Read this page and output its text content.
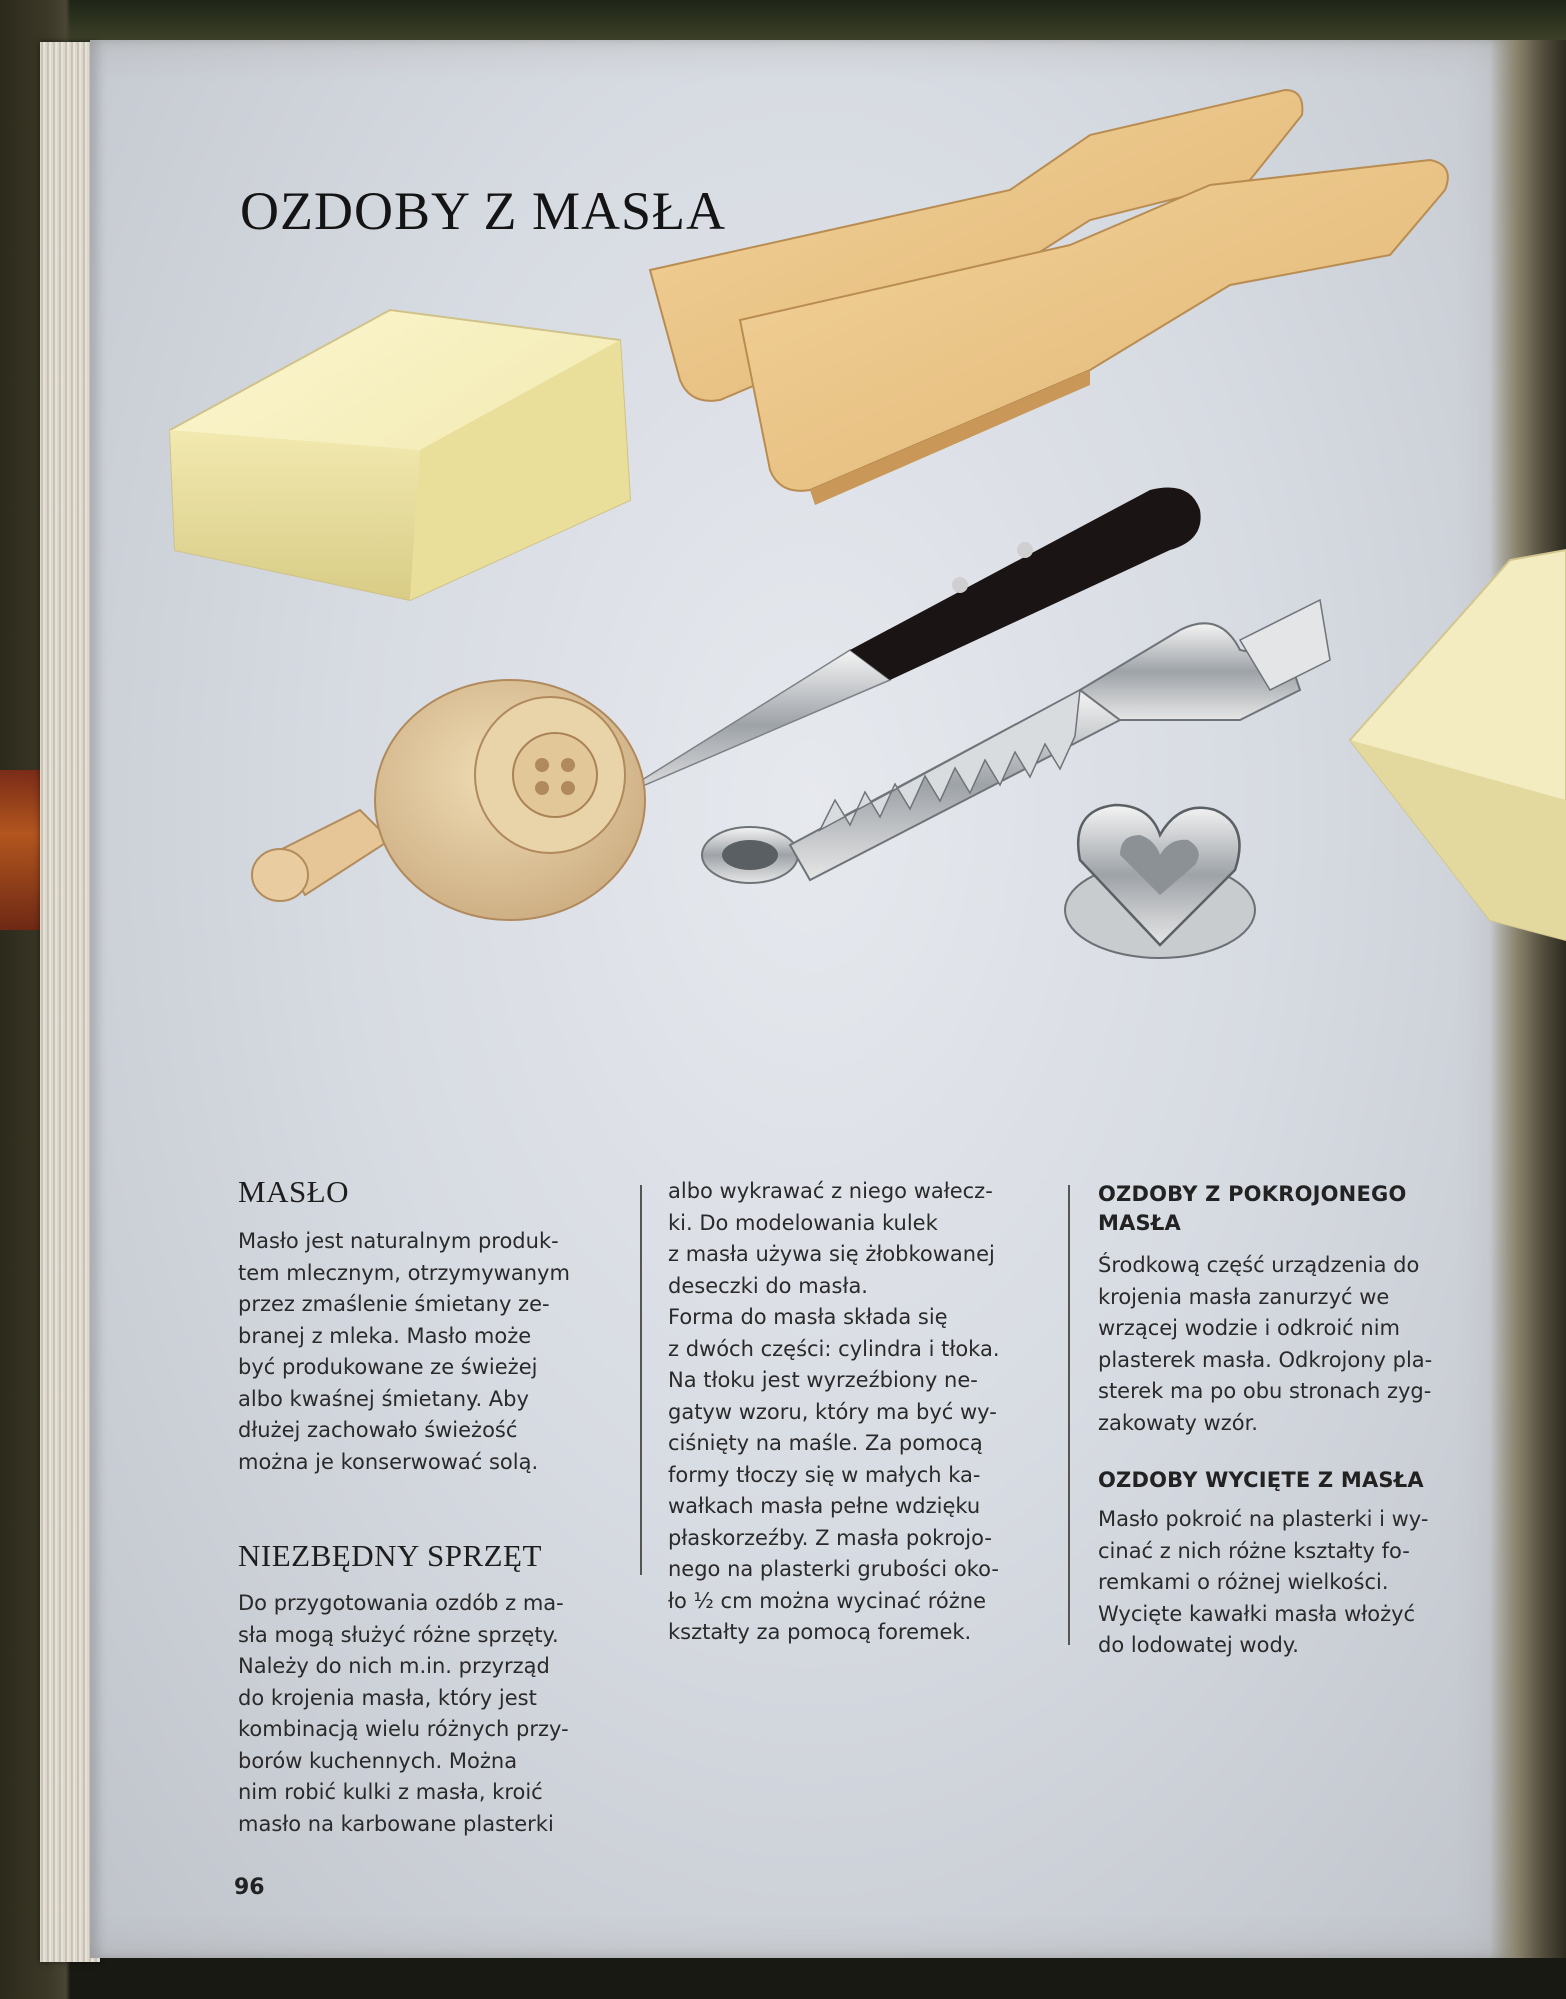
OZDOBY Z MASŁA
MASŁO
Masło jest naturalnym produk-
tem mlecznym, otrzymywanym
przez zmaślenie śmietany ze-
branej z mleka. Masło może
być produkowane ze świeżej
albo kwaśnej śmietany. Aby
dłużej zachowało świeżość
można je konserwować solą.
NIEZBĘDNY SPRZĘT
Do przygotowania ozdób z ma-
sła mogą służyć różne sprzęty.
Należy do nich m.in. przyrząd
do krojenia masła, który jest
kombinacją wielu różnych przy-
borów kuchennych. Można
nim robić kulki z masła, kroić
masło na karbowane plasterki
albo wykrawać z niego wałecz-
ki. Do modelowania kulek
z masła używa się żłobkowanej
deseczki do masła.
Forma do masła składa się
z dwóch części: cylindra i tłoka.
Na tłoku jest wyrzeźbiony ne-
gatyw wzoru, który ma być wy-
ciśnięty na maśle. Za pomocą
formy tłoczy się w małych ka-
wałkach masła pełne wdzięku
płaskorzeźby. Z masła pokrojo-
nego na plasterki grubości oko-
ło ½ cm można wycinać różne
kształty za pomocą foremek.
OZDOBY Z POKROJONEGO
MASŁA
Środkową część urządzenia do
krojenia masła zanurzyć we
wrzącej wodzie i odkroić nim
plasterek masła. Odkrojony pla-
sterek ma po obu stronach zyg-
zakowaty wzór.
OZDOBY WYCIĘTE Z MASŁA
Masło pokroić na plasterki i wy-
cinać z nich różne kształty fo-
remkami o różnej wielkości.
Wycięte kawałki masła włożyć
do lodowatej wody.
96
